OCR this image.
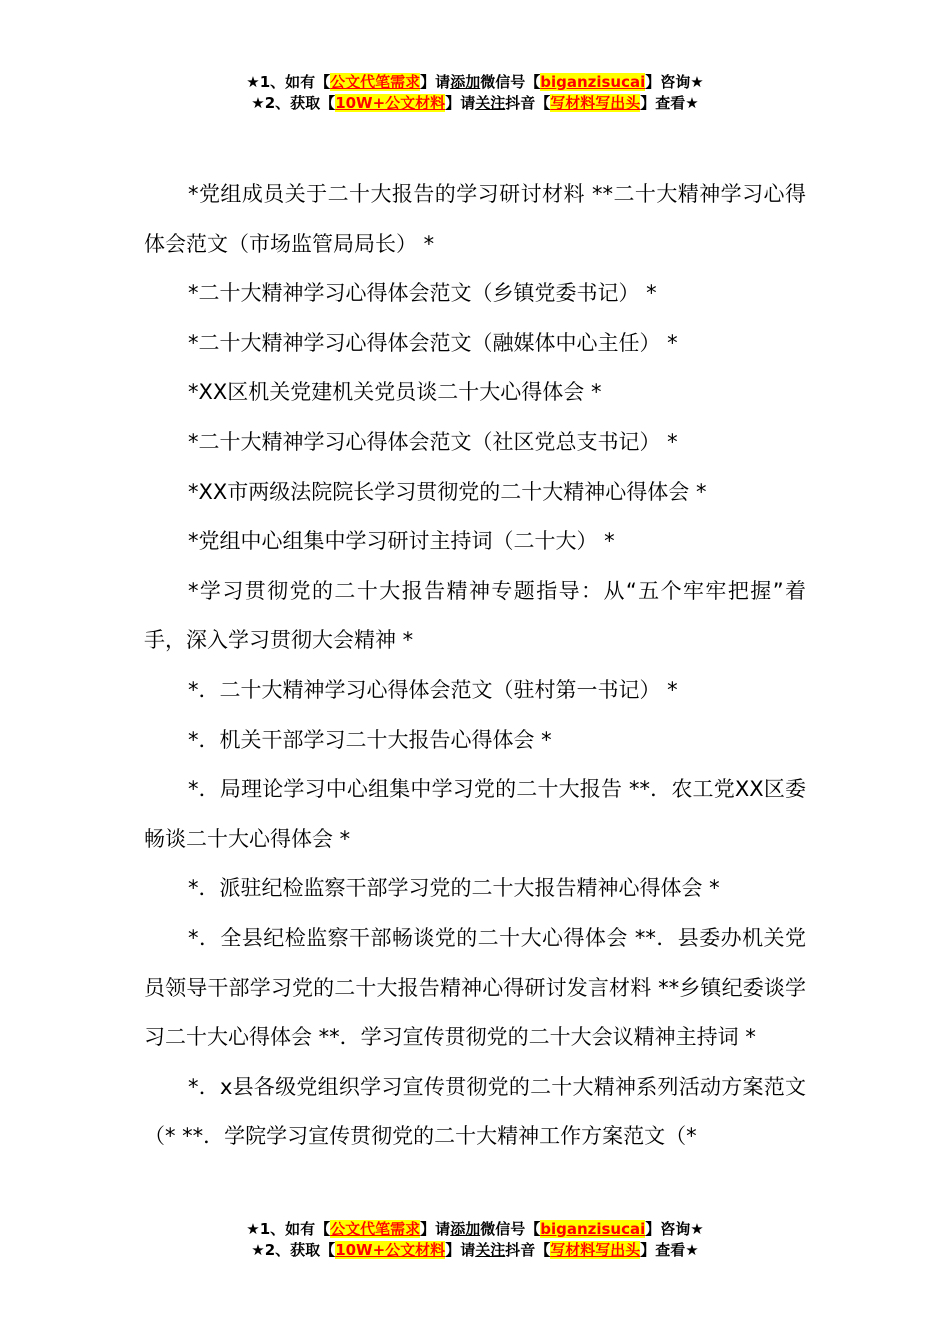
★1、如有【公文代笔需求】请添加微信号【biganzisucai】咨询★
★2、获取【10W+公文材料】请关注抖音【写材料写出头】查看★

*党组成员关于二十大报告的学习研讨材料 **二十大精神学习心得体会范文（市场监管局局长） *

*二十大精神学习心得体会范文（乡镇党委书记） *

*二十大精神学习心得体会范文（融媒体中心主任） *

*XX区机关党建机关党员谈二十大心得体会 *

*二十大精神学习心得体会范文（社区党总支书记） *

*XX市两级法院院长学习贯彻党的二十大精神心得体会 *

*党组中心组集中学习研讨主持词（二十大） *

*学习贯彻党的二十大报告精神专题指导：从“五个牢牢把握”着手，深入学习贯彻大会精神 *

*．二十大精神学习心得体会范文（驻村第一书记） *

*．机关干部学习二十大报告心得体会 *

*．局理论学习中心组集中学习党的二十大报告 **．农工党XX区委畅谈二十大心得体会 *

*．派驻纪检监察干部学习党的二十大报告精神心得体会 *

*．全县纪检监察干部畅谈党的二十大心得体会 **．县委办机关党员领导干部学习党的二十大报告精神心得研讨发言材料 **乡镇纪委谈学习二十大心得体会 **．学习宣传贯彻党的二十大会议精神主持词 *

*．x县各级党组织学习宣传贯彻党的二十大精神系列活动方案范文（* **．学院学习宣传贯彻党的二十大精神工作方案范文（*

★1、如有【公文代笔需求】请添加微信号【biganzisucai】咨询★
★2、获取【10W+公文材料】请关注抖音【写材料写出头】查看★
